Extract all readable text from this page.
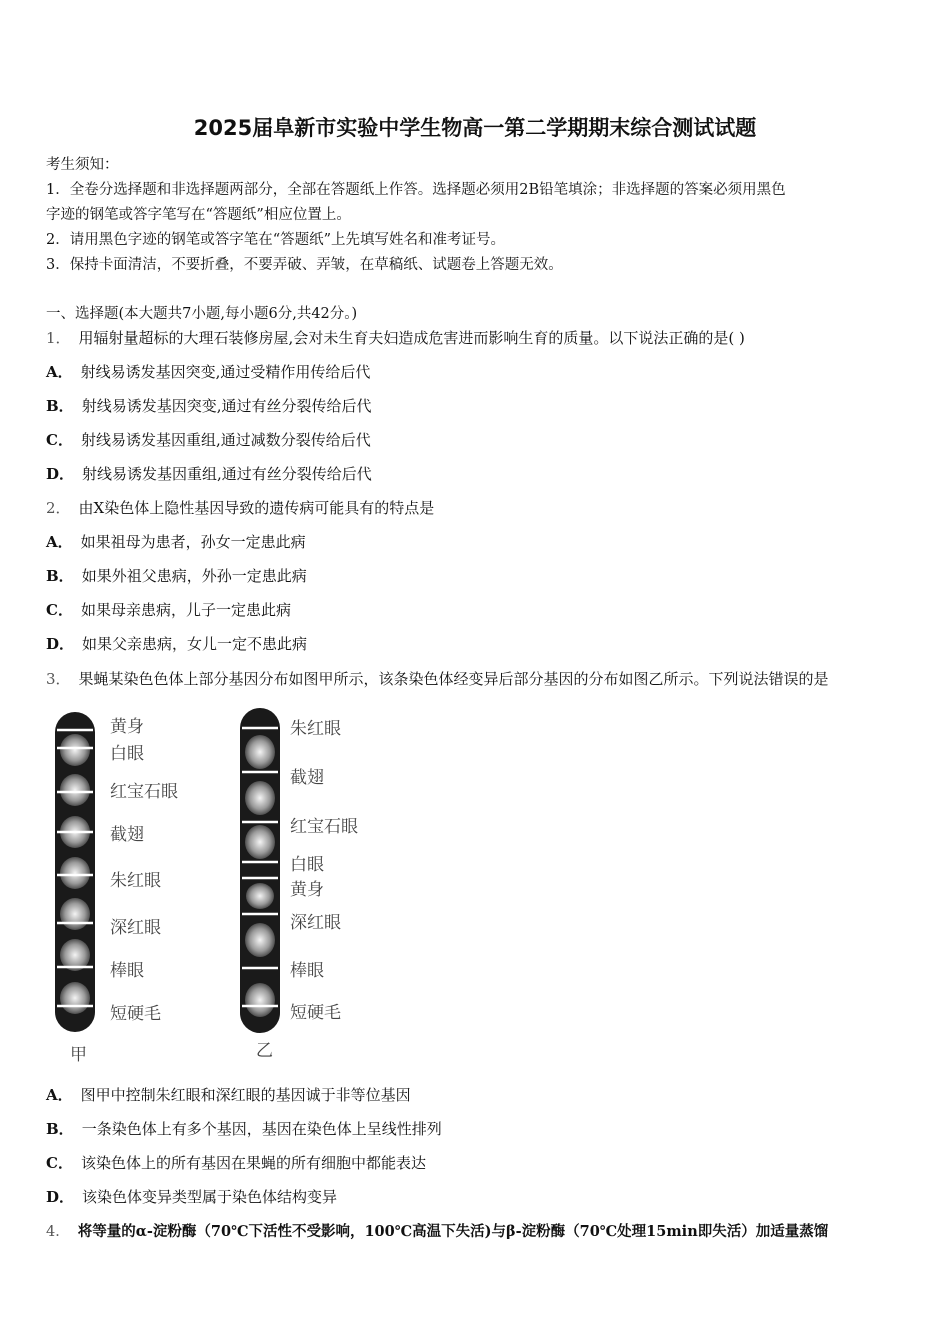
2025届阜新市实验中学生物高一第二学期期末综合测试试题
考生须知：
1．全卷分选择题和非选择题两部分，全部在答题纸上作答。选择题必须用2B铅笔填涂；非选择题的答案必须用黑色
字迹的钢笔或答字笔写在“答题纸”相应位置上。
2．请用黑色字迹的钢笔或答字笔在“答题纸”上先填写姓名和准考证号。
3．保持卡面清洁，不要折叠，不要弄破、弄皱，在草稿纸、试题卷上答题无效。
一、选择题(本大题共7小题,每小题6分,共42分。)
1． 用辐射量超标的大理石装修房屋,会对未生育夫妇造成危害进而影响生育的质量。以下说法正确的是( )
A． 射线易诱发基因突变,通过受精作用传给后代
B． 射线易诱发基因突变,通过有丝分裂传给后代
C． 射线易诱发基因重组,通过减数分裂传给后代
D． 射线易诱发基因重组,通过有丝分裂传给后代
2． 由X染色体上隐性基因导致的遗传病可能具有的特点是
A． 如果祖母为患者，孙女一定患此病
B． 如果外祖父患病，外孙一定患此病
C． 如果母亲患病，儿子一定患此病
D． 如果父亲患病，女儿一定不患此病
3． 果蝇某染色色体上部分基因分布如图甲所示，该条染色体经变异后部分基因的分布如图乙所示。下列说法错误的是
黄身
白眼
红宝石眼
截翅
朱红眼
深红眼
棒眼
短硬毛
甲
朱红眼
截翅
红宝石眼
白眼
黄身
深红眼
棒眼
短硬毛
乙
A． 图甲中控制朱红眼和深红眼的基因诚于非等位基因
B． 一条染色体上有多个基因，基因在染色体上呈线性排列
C． 该染色体上的所有基因在果蝇的所有细胞中都能表达
D． 该染色体变异类型属于染色体结构变异
4． 将等量的α-淀粉酶（70℃下活性不受影响，100℃高温下失活)与β-淀粉酶（70℃处理15min即失活）加适量蒸馏
